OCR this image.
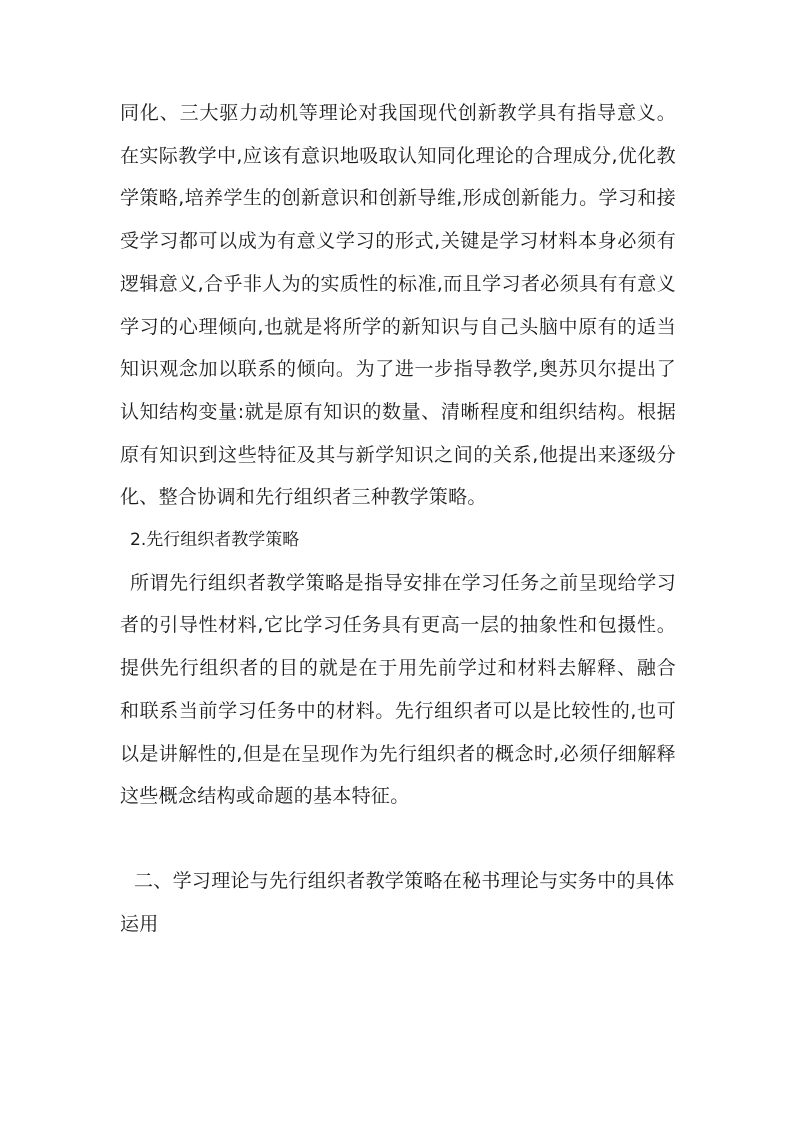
同化、三大驱力动机等理论对我国现代创新教学具有指导意义。在实际教学中,应该有意识地吸取认知同化理论的合理成分,优化教学策略,培养学生的创新意识和创新导维,形成创新能力。学习和接受学习都可以成为有意义学习的形式,关键是学习材料本身必须有逻辑意义,合乎非人为的实质性的标准,而且学习者必须具有有意义学习的心理倾向,也就是将所学的新知识与自己头脑中原有的适当知识观念加以联系的倾向。为了进一步指导教学,奥苏贝尔提出了认知结构变量:就是原有知识的数量、清晰程度和组织结构。根据原有知识到这些特征及其与新学知识之间的关系,他提出来逐级分化、整合协调和先行组织者三种教学策略。

2.先行组织者教学策略

所谓先行组织者教学策略是指导安排在学习任务之前呈现给学习者的引导性材料,它比学习任务具有更高一层的抽象性和包摄性。提供先行组织者的目的就是在于用先前学过和材料去解释、融合和联系当前学习任务中的材料。先行组织者可以是比较性的,也可以是讲解性的,但是在呈现作为先行组织者的概念时,必须仔细解释这些概念结构或命题的基本特征。

二、学习理论与先行组织者教学策略在秘书理论与实务中的具体运用
